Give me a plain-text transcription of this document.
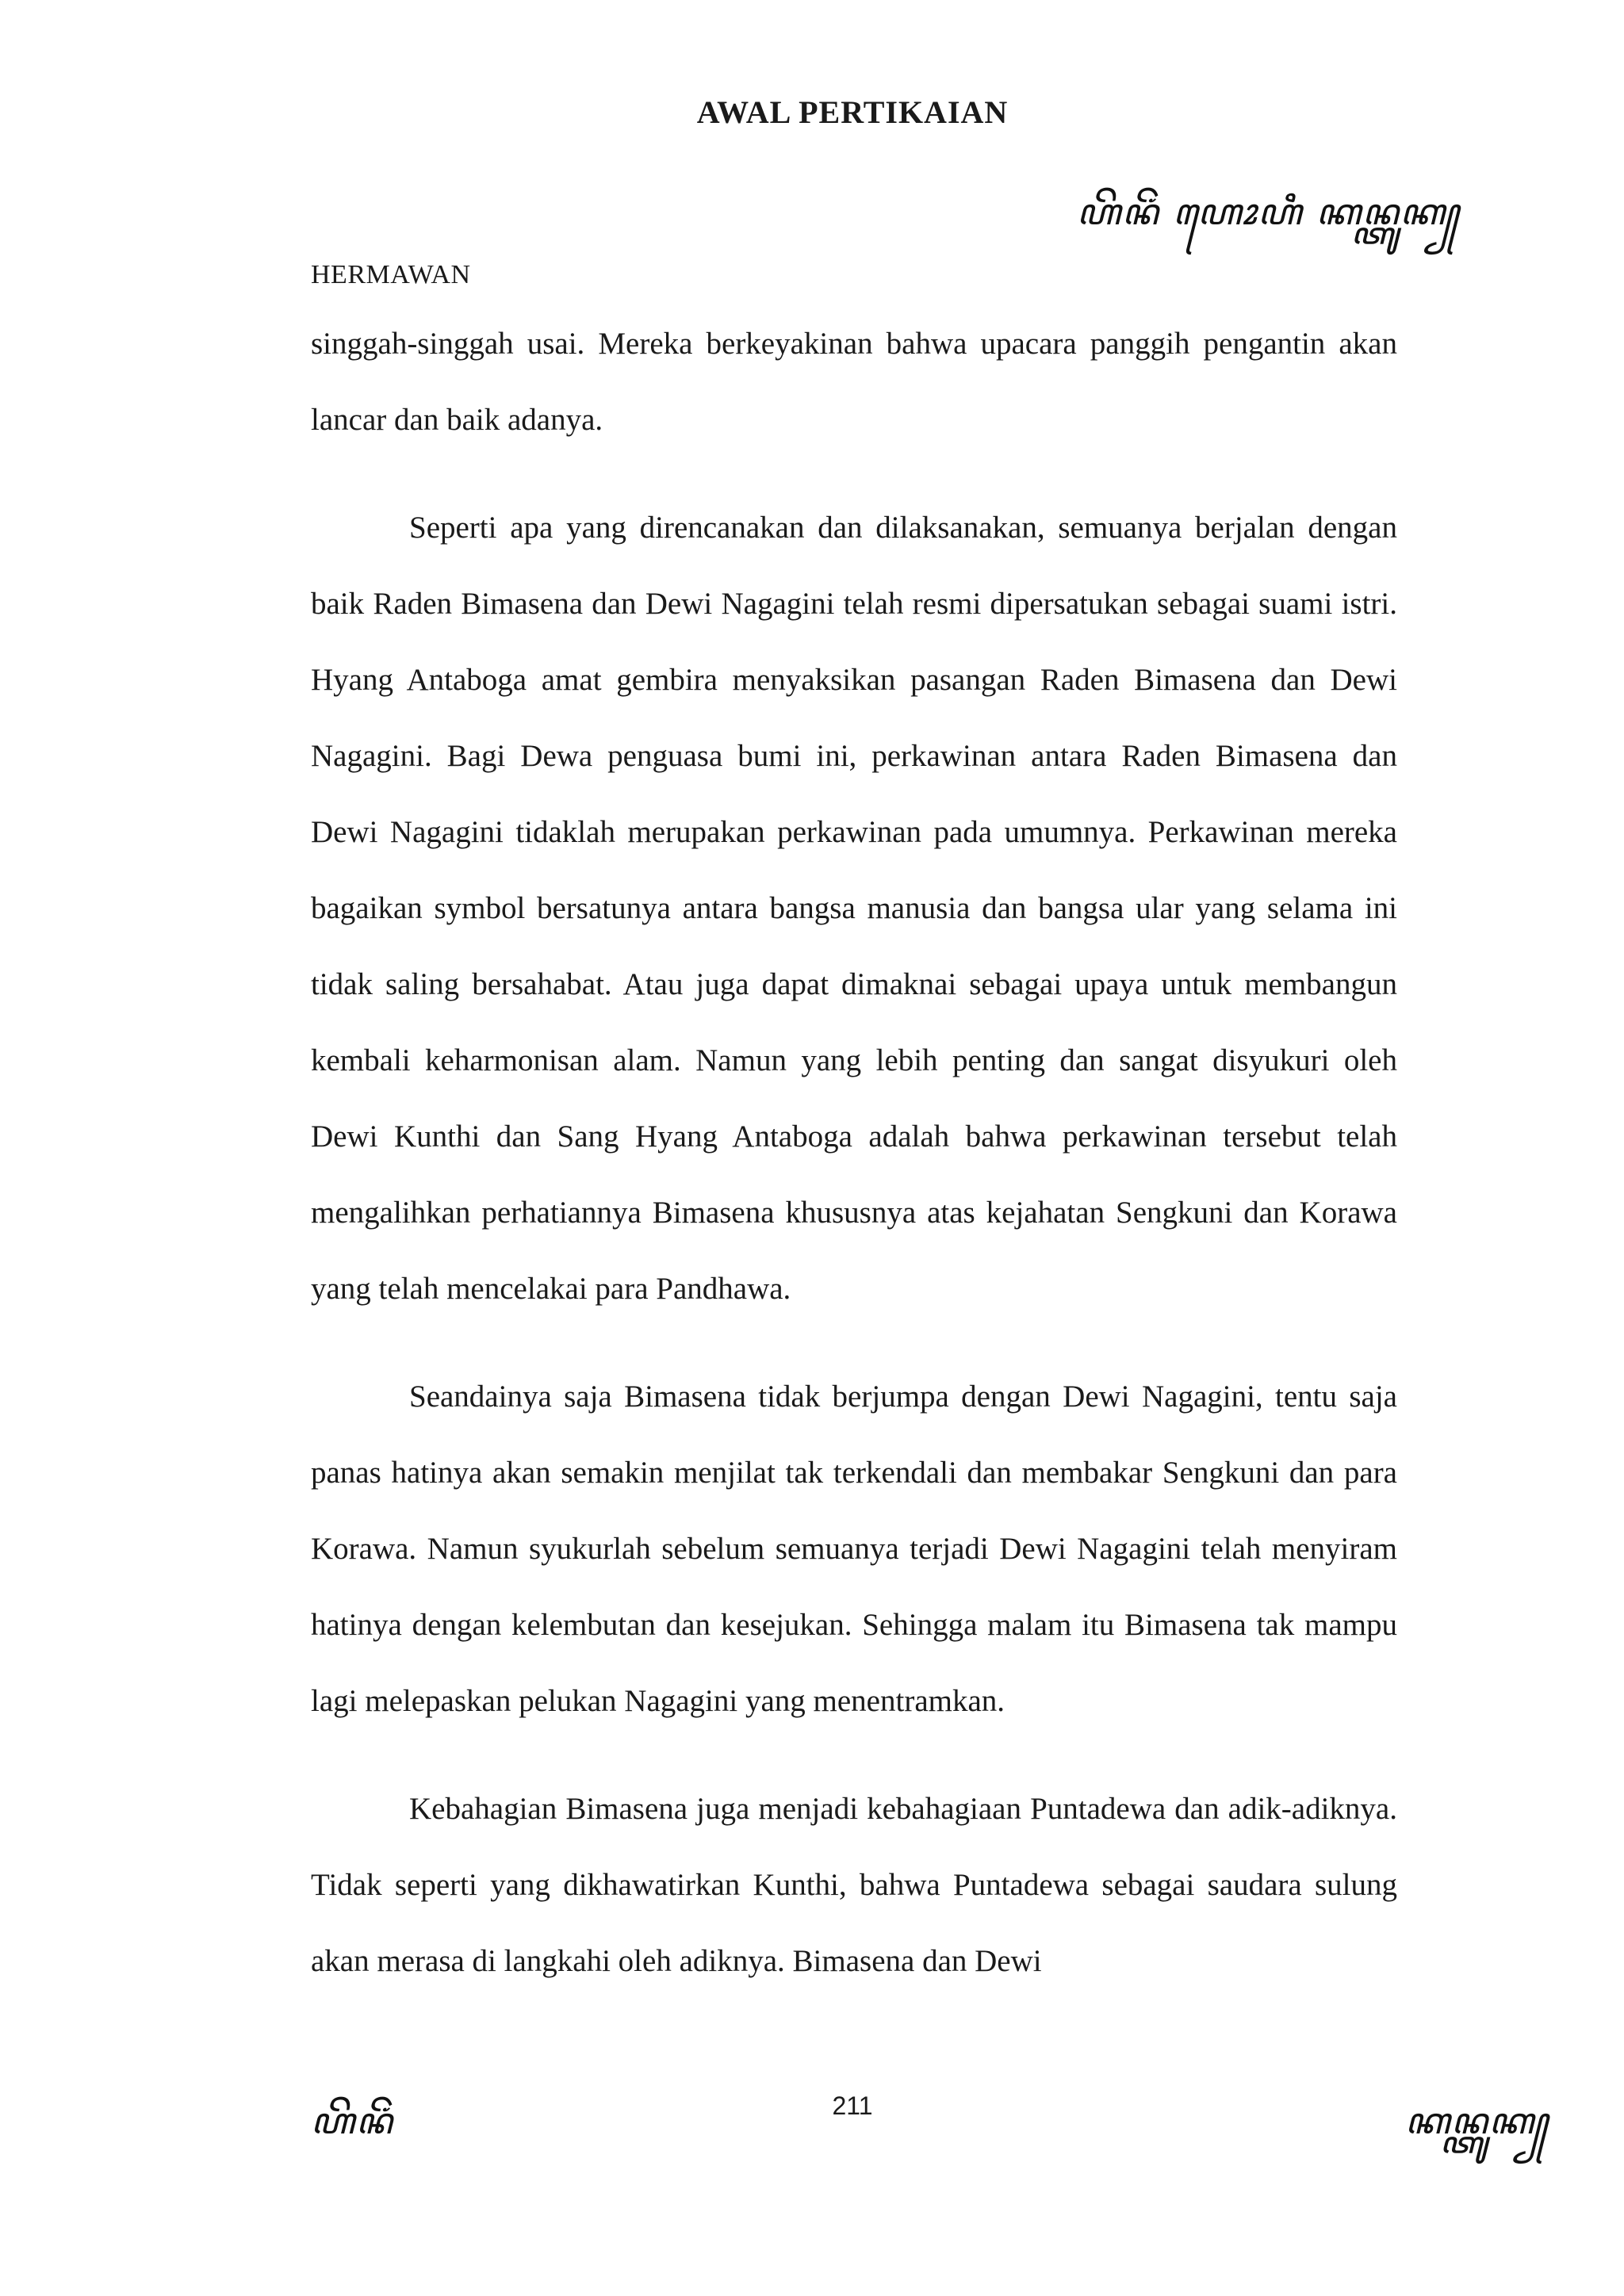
AWAL PERTIKAIAN
ꦲꦼꦤꦼꦁ ꦲꦺꦴꦲꦶ ꦏꦤ꧀ꦠꦸꦏ꧀

HERMAWAN

singgah-singgah usai. Mereka berkeyakinan bahwa upacara panggih pengantin akan lancar dan baik adanya.

Seperti apa yang direncanakan dan dilaksanakan, semuanya berjalan dengan baik Raden Bimasena dan Dewi Nagagini telah resmi dipersatukan sebagai suami istri. Hyang Antaboga amat gembira menyaksikan pasangan Raden Bimasena dan Dewi Nagagini. Bagi Dewa penguasa bumi ini, perkawinan antara Raden Bimasena dan Dewi Nagagini tidaklah merupakan perkawinan pada umumnya. Perkawinan mereka bagaikan symbol bersatunya antara bangsa manusia dan bangsa ular yang selama ini tidak saling bersahabat. Atau juga dapat dimaknai sebagai upaya untuk membangun kembali keharmonisan alam. Namun yang lebih penting dan sangat disyukuri oleh Dewi Kunthi dan Sang Hyang Antaboga adalah bahwa perkawinan tersebut telah mengalihkan perhatiannya Bimasena khususnya atas kejahatan Sengkuni dan Korawa yang telah mencelakai para Pandhawa.

Seandainya saja Bimasena tidak berjumpa dengan Dewi Nagagini, tentu saja panas hatinya akan semakin menjilat tak terkendali dan membakar Sengkuni dan para Korawa. Namun syukurlah sebelum semuanya terjadi Dewi Nagagini telah menyiram hatinya dengan kelembutan dan kesejukan. Sehingga malam itu Bimasena tak mampu lagi melepaskan pelukan Nagagini yang menentramkan.

Kebahagian Bimasena juga menjadi kebahagiaan Puntadewa dan adik-adiknya. Tidak seperti yang dikhawatirkan Kunthi, bahwa Puntadewa sebagai saudara sulung akan merasa di langkahi oleh adiknya. Bimasena dan Dewi

211

ꦲꦼꦤꦼꦁ	ꦏꦤ꧀ꦠꦸꦏ꧀
